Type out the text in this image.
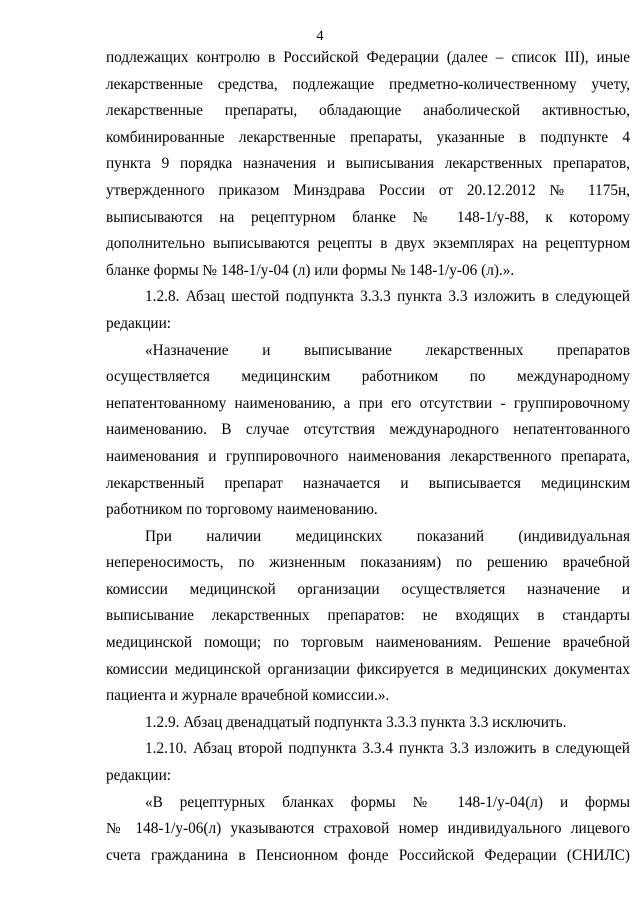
4
подлежащих контролю в Российской Федерации (далее – список III), иные
лекарственные средства, подлежащие предметно-количественному учету,
лекарственные препараты, обладающие анаболической активностью,
комбинированные лекарственные препараты, указанные в подпункте 4
пункта 9 порядка назначения и выписывания лекарственных препаратов,
утвержденного приказом Минздрава России от 20.12.2012 № 1175н,
выписываются на рецептурном бланке № 148-1/у-88, к которому
дополнительно выписываются рецепты в двух экземплярах на рецептурном
бланке формы № 148-1/у-04 (л) или формы № 148-1/у-06 (л).».
1.2.8. Абзац шестой подпункта 3.3.3 пункта 3.3 изложить в следующей
редакции:
«Назначение и выписывание лекарственных препаратов
осуществляется медицинским работником по международному
непатентованному наименованию, а при его отсутствии - группировочному
наименованию. В случае отсутствия международного непатентованного
наименования и группировочного наименования лекарственного препарата,
лекарственный препарат назначается и выписывается медицинским
работником по торговому наименованию.
При наличии медицинских показаний (индивидуальная
непереносимость, по жизненным показаниям) по решению врачебной
комиссии медицинской организации осуществляется назначение и
выписывание лекарственных препаратов: не входящих в стандарты
медицинской помощи; по торговым наименованиям. Решение врачебной
комиссии медицинской организации фиксируется в медицинских документах
пациента и журнале врачебной комиссии.».
1.2.9. Абзац двенадцатый подпункта 3.3.3 пункта 3.3 исключить.
1.2.10. Абзац второй подпункта 3.3.4 пункта 3.3 изложить в следующей
редакции:
«В рецептурных бланках формы № 148-1/у-04(л) и формы
№ 148-1/у-06(л) указываются страховой номер индивидуального лицевого
счета гражданина в Пенсионном фонде Российской Федерации (СНИЛС)
